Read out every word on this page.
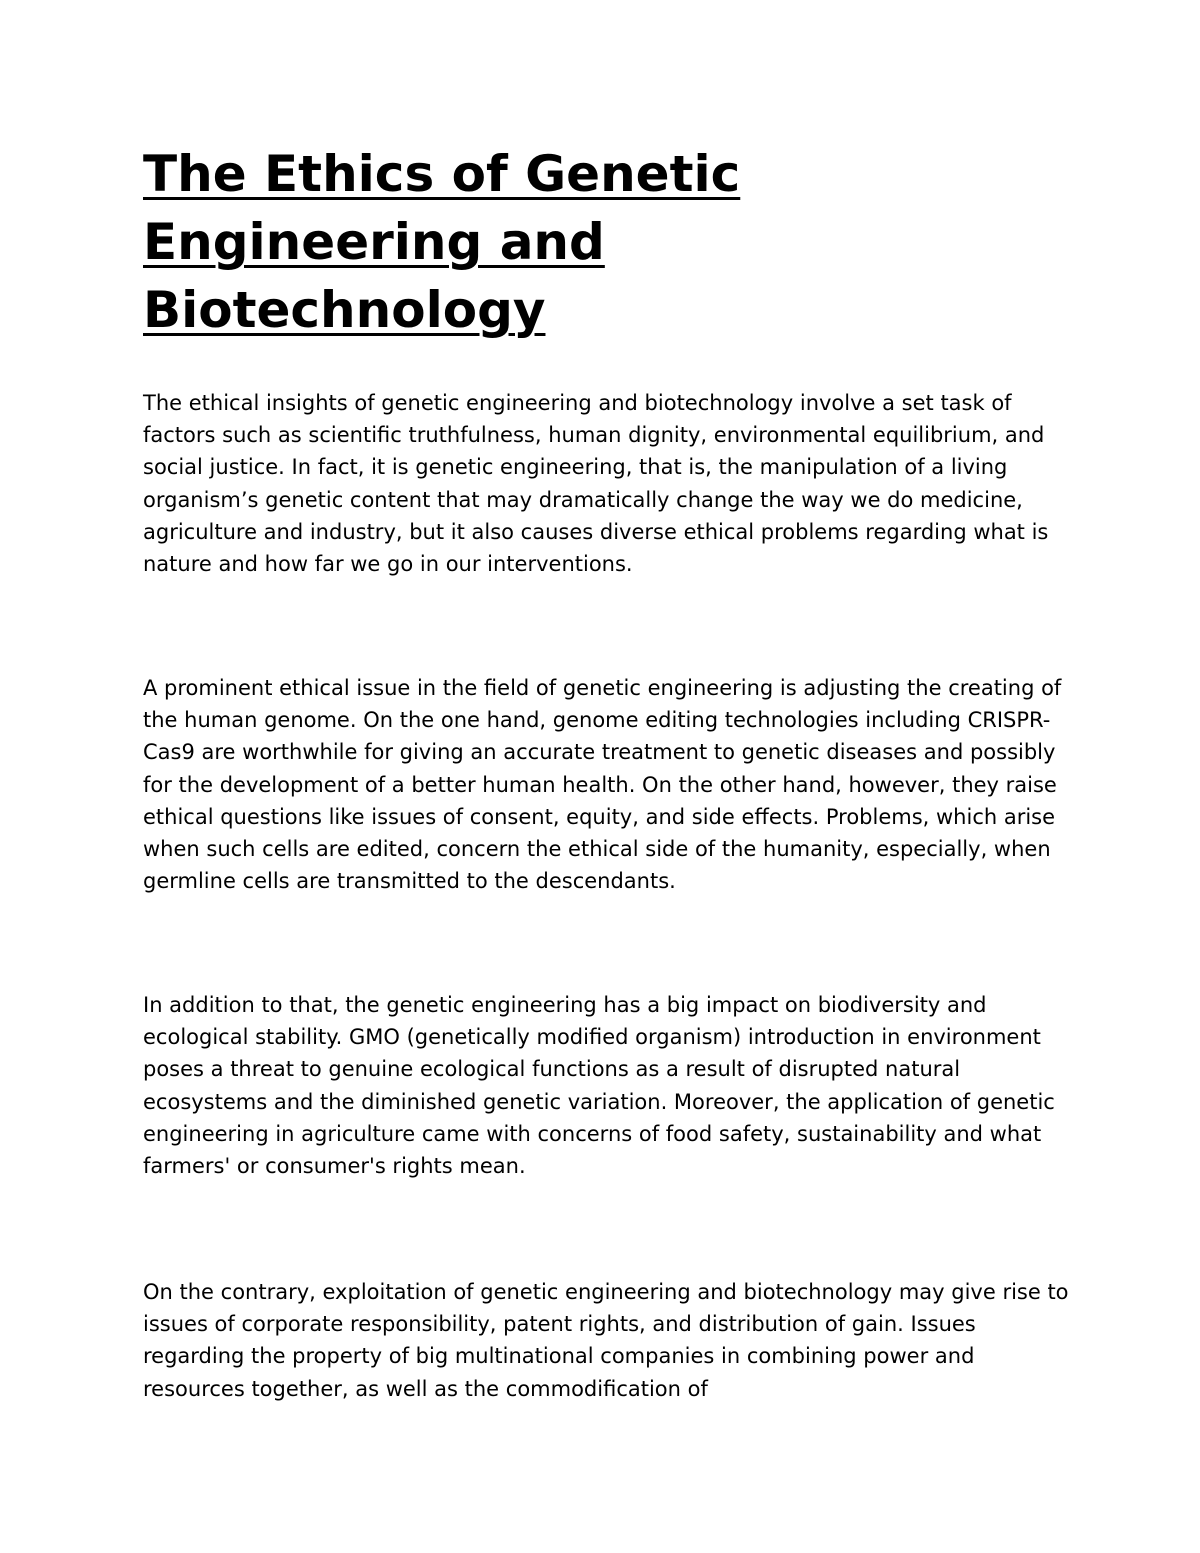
The Ethics of Genetic Engineering and Biotechnology

The ethical insights of genetic engineering and biotechnology involve a set task of factors such as scientific truthfulness, human dignity, environmental equilibrium, and social justice. In fact, it is genetic engineering, that is, the manipulation of a living organism’s genetic content that may dramatically change the way we do medicine, agriculture and industry, but it also causes diverse ethical problems regarding what is nature and how far we go in our interventions.

A prominent ethical issue in the field of genetic engineering is adjusting the creating of the human genome. On the one hand, genome editing technologies including CRISPR-Cas9 are worthwhile for giving an accurate treatment to genetic diseases and possibly for the development of a better human health. On the other hand, however, they raise ethical questions like issues of consent, equity, and side effects. Problems, which arise when such cells are edited, concern the ethical side of the humanity, especially, when germline cells are transmitted to the descendants.

In addition to that, the genetic engineering has a big impact on biodiversity and ecological stability. GMO (genetically modified organism) introduction in environment poses a threat to genuine ecological functions as a result of disrupted natural ecosystems and the diminished genetic variation. Moreover, the application of genetic engineering in agriculture came with concerns of food safety, sustainability and what farmers' or consumer's rights mean.

On the contrary, exploitation of genetic engineering and biotechnology may give rise to issues of corporate responsibility, patent rights, and distribution of gain. Issues regarding the property of big multinational companies in combining power and resources together, as well as the commodification of
